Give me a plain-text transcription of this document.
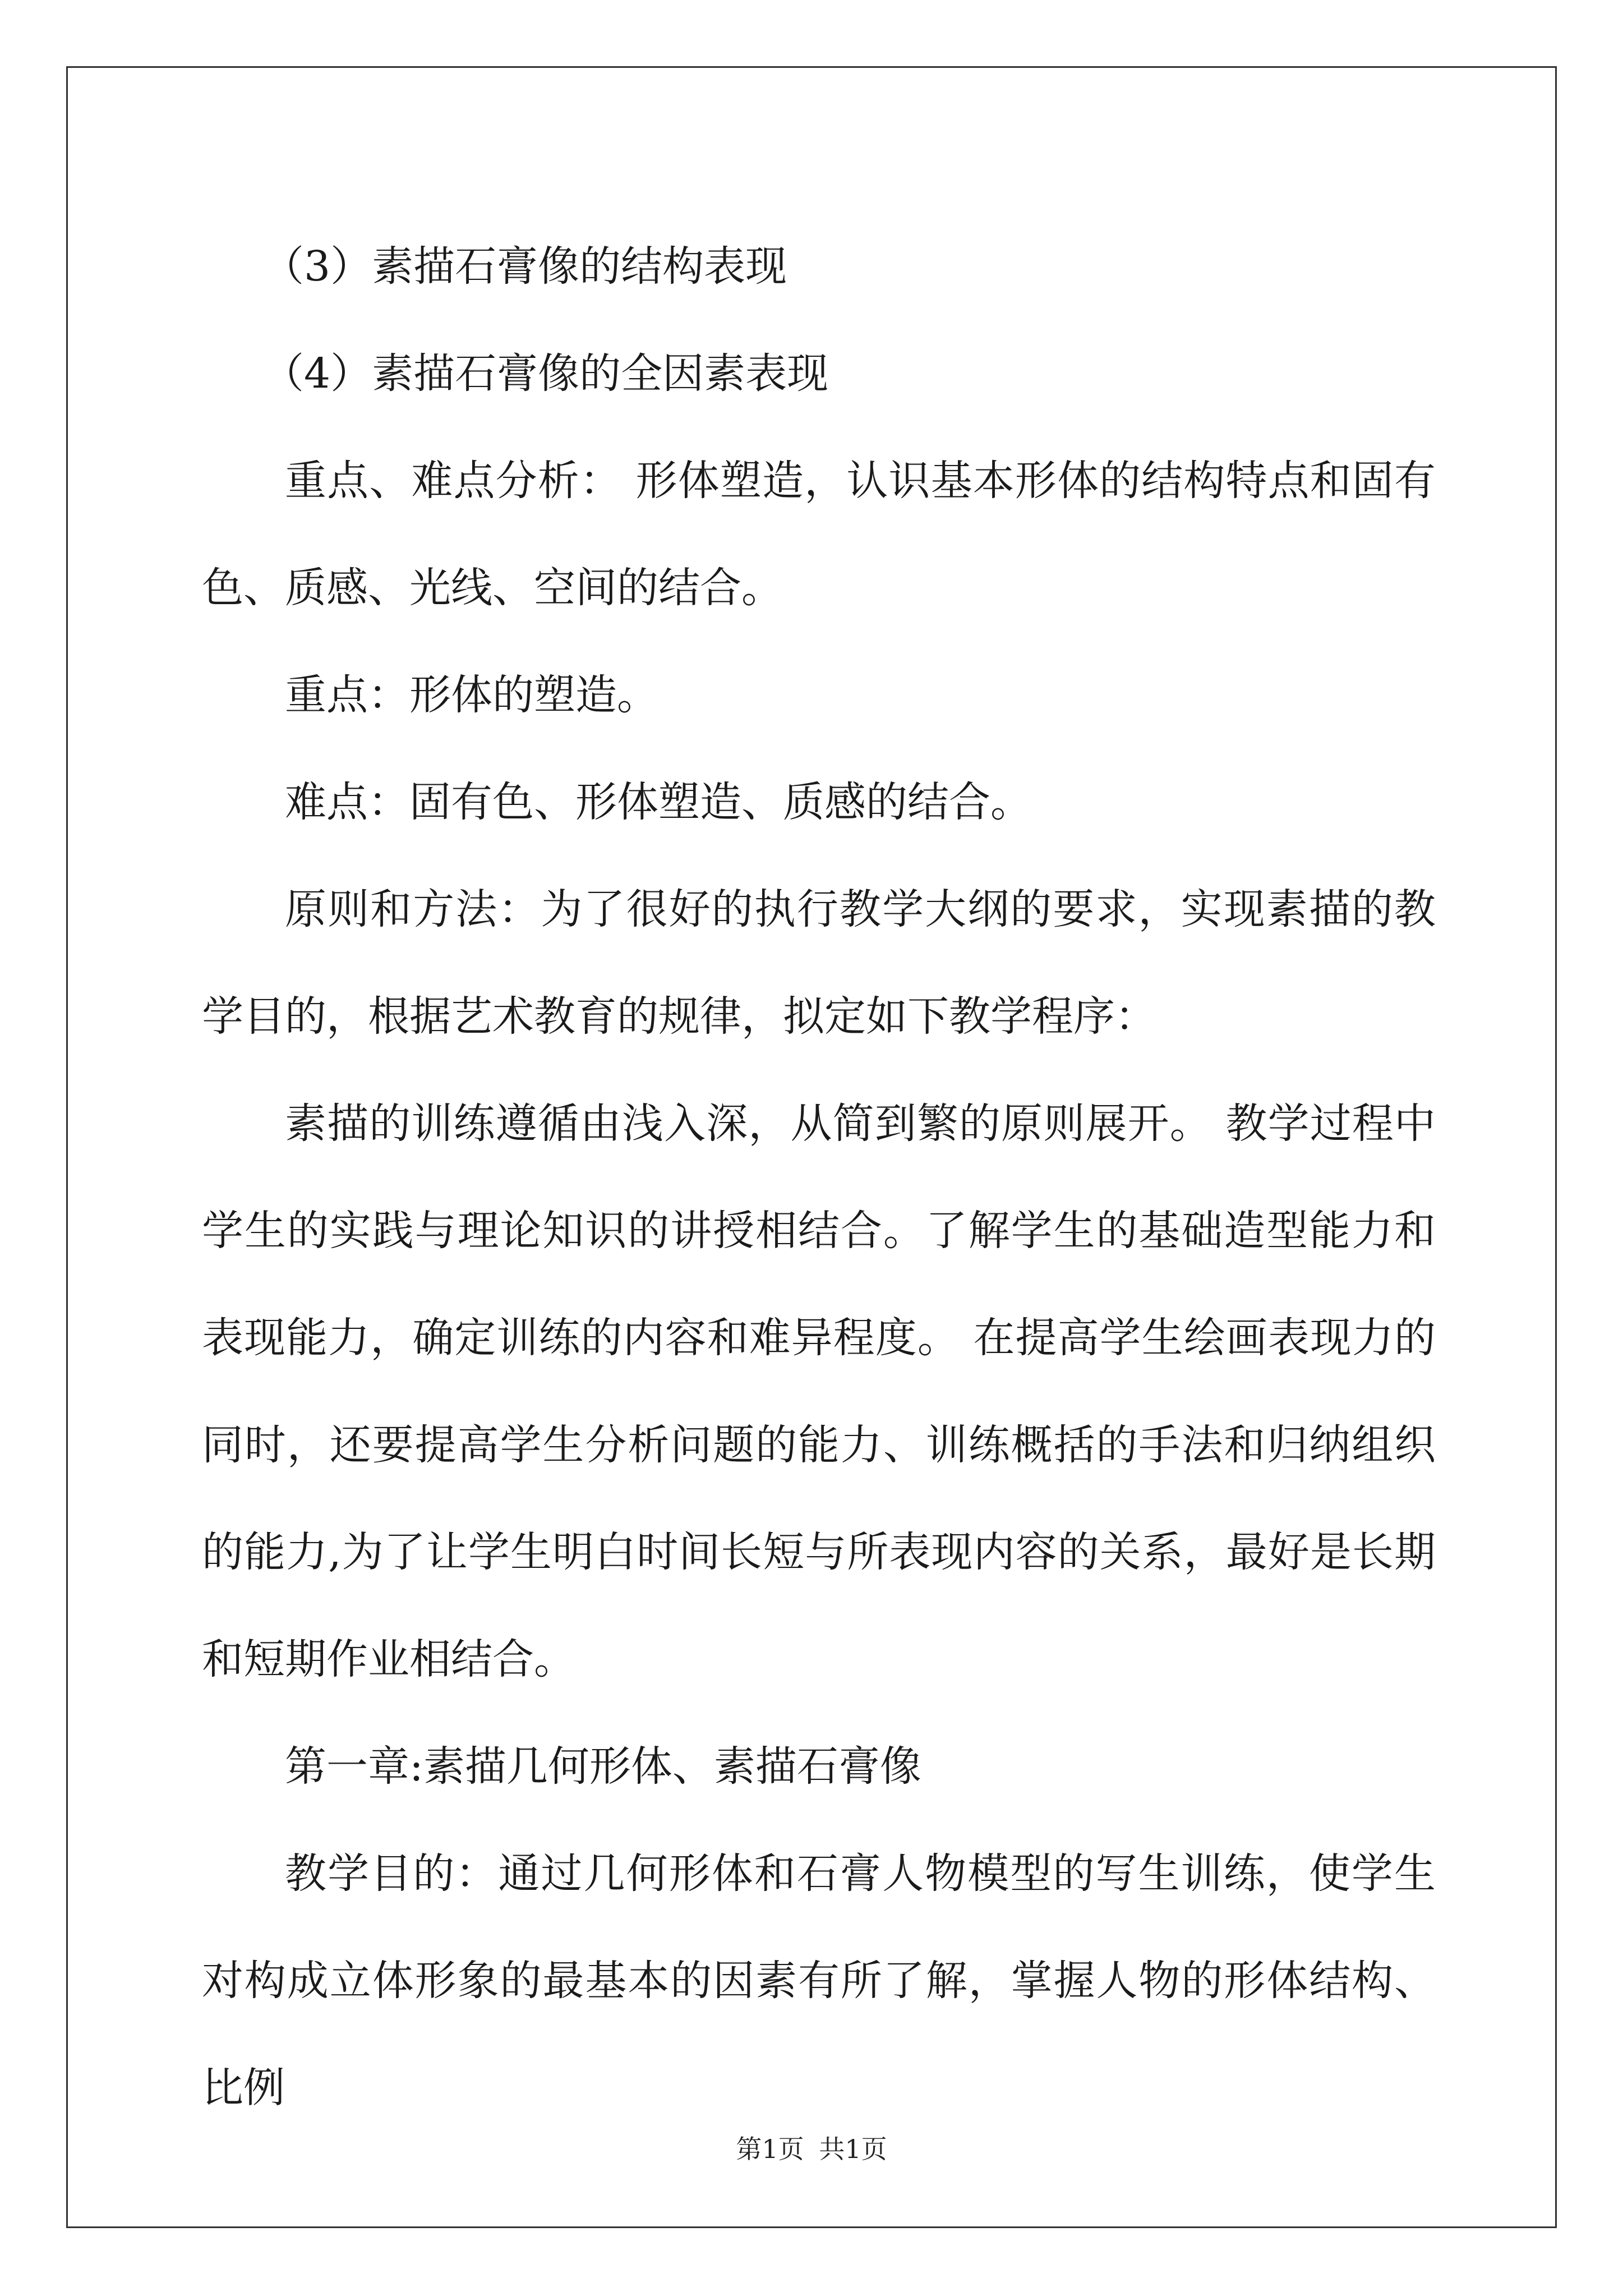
（3）素描石膏像的结构表现

（4）素描石膏像的全因素表现

重点、难点分析： 形体塑造，认识基本形体的结构特点和固有色、质感、光线、空间的结合。

重点：形体的塑造。

难点：固有色、形体塑造、质感的结合。

原则和方法：为了很好的执行教学大纲的要求，实现素描的教学目的，根据艺术教育的规律，拟定如下教学程序：

素描的训练遵循由浅入深，从简到繁的原则展开。 教学过程中学生的实践与理论知识的讲授相结合。了解学生的基础造型能力和表现能力，确定训练的内容和难异程度。 在提高学生绘画表现力的同时，还要提高学生分析问题的能力、训练概括的手法和归纳组织的能力,为了让学生明白时间长短与所表现内容的关系，最好是长期和短期作业相结合。

第一章:素描几何形体、素描石膏像

教学目的：通过几何形体和石膏人物模型的写生训练，使学生对构成立体形象的最基本的因素有所了解，掌握人物的形体结构、比例

第1页 共1页
